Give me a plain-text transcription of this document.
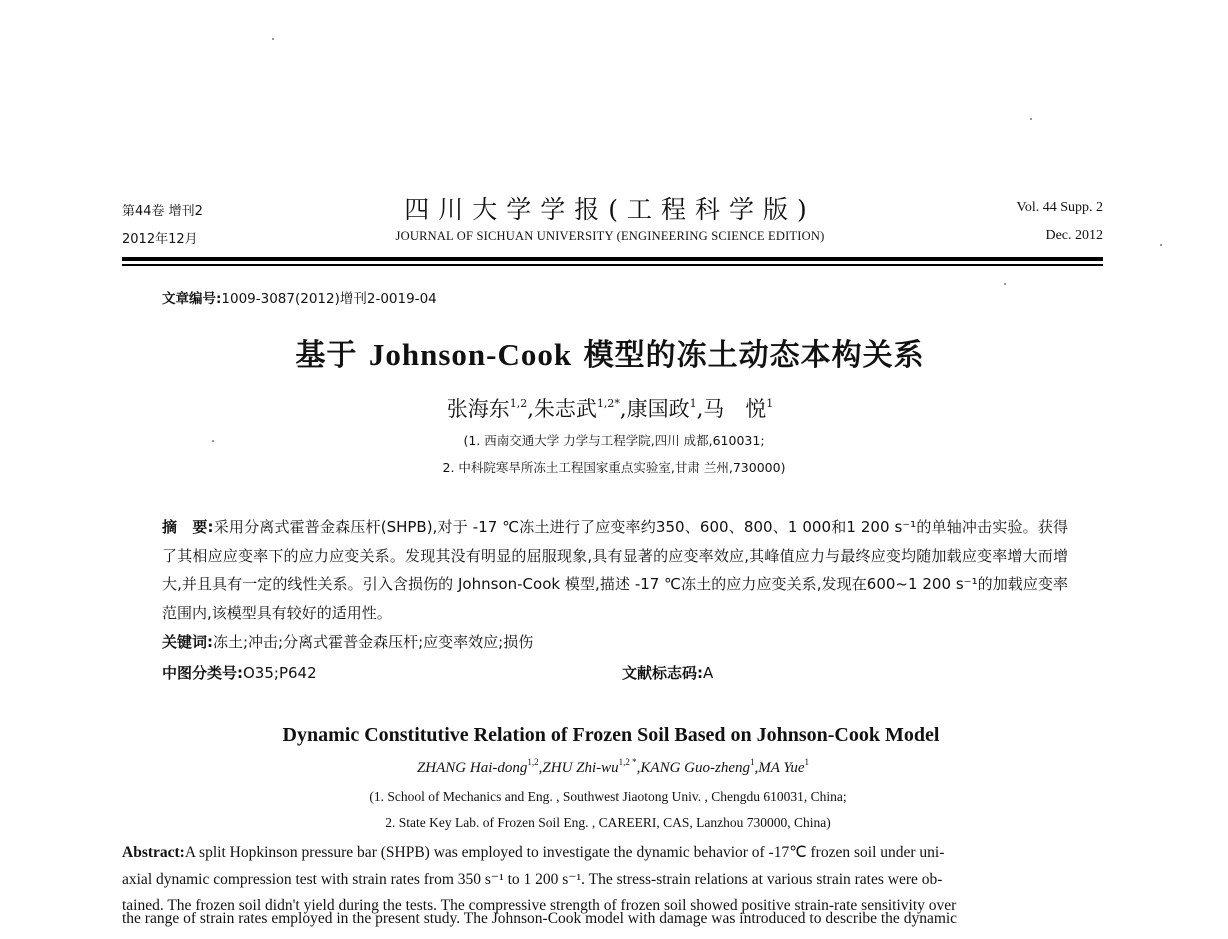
第44卷 增刊2
2012年12月
四川大学学报(工程科学版)
JOURNAL OF SICHUAN UNIVERSITY (ENGINEERING SCIENCE EDITION)
Vol. 44 Supp. 2
Dec. 2012
文章编号:1009-3087(2012)增刊2-0019-04
基于 Johnson-Cook 模型的冻土动态本构关系
张海东$^{1,2}$,朱志武$^{1,2*}$,康国政$^1$,马　悦$^1$
(1. 西南交通大学 力学与工程学院,四川 成都,610031;
2. 中科院寒旱所冻土工程国家重点实验室,甘肃 兰州,730000)
摘　要:采用分离式霍普金森压杆(SHPB),对于 -17 ℃冻土进行了应变率约350、600、800、1 000和1 200 s⁻¹的单轴冲击实验。获得了其相应应变率下的应力应变关系。发现其没有明显的屈服现象,具有显著的应变率效应,其峰值应力与最终应变均随加载应变率增大而增大,并且具有一定的线性关系。引入含损伤的 Johnson-Cook 模型,描述 -17 ℃冻土的应力应变关系,发现在600~1 200 s⁻¹的加载应变率范围内,该模型具有较好的适用性。
关键词:冻土;冲击;分离式霍普金森压杆;应变率效应;损伤
中图分类号:O35;P642	文献标志码:A
Dynamic Constitutive Relation of Frozen Soil Based on Johnson-Cook Model
ZHANG Hai-dong$^{1,2}$,ZHU Zhi-$wu^{1,2 *},KANG$ Guo-zheng$^1$,MA Yue$^1$
(1. School of Mechanics and Eng. , Southwest Jiaotong Univ. , Chengdu 610031, China;
2. State Key Lab. of Frozen Soil Eng. , CAREERI, CAS, Lanzhou 730000, China)
Abstract:A split Hopkinson pressure bar (SHPB) was employed to investigate the dynamic behavior of -17℃ frozen soil under uni-
axial dynamic compression test with strain rates from 350 s⁻¹ to 1 200 s⁻¹. The stress-strain relations at various strain rates were ob-
tained. The frozen soil didn't yield during the tests. The compressive strength of frozen soil showed positive strain-rate sensitivity over
the range of strain rates employed in the present study. The Johnson-Cook model with damage was introduced to describe the dynamic
